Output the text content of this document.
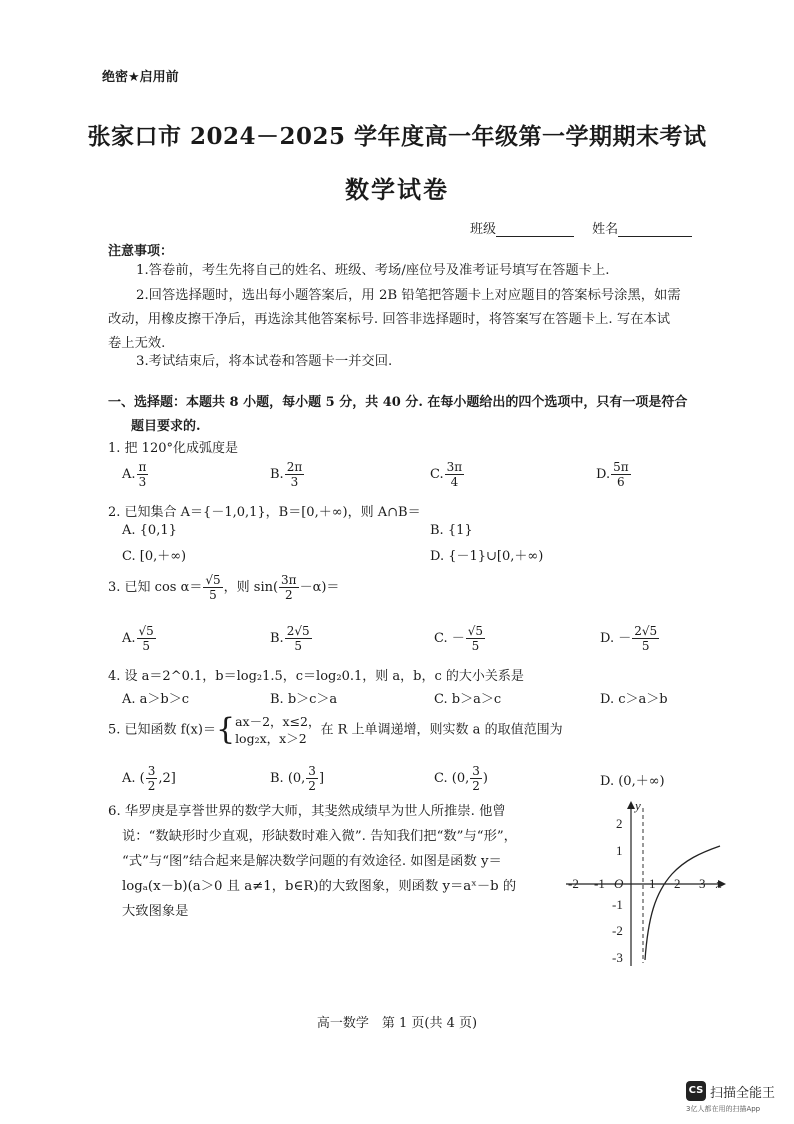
绝密★启用前
张家口市 2024－2025 学年度高一年级第一学期期末考试
数学试卷
班级	姓名
注意事项：
1.答卷前，考生先将自己的姓名、班级、考场/座位号及准考证号填写在答题卡上.
2.回答选择题时，选出每小题答案后，用 2B 铅笔把答题卡上对应题目的答案标号涂黑，如需
改动，用橡皮擦干净后，再选涂其他答案标号. 回答非选择题时，将答案写在答题卡上. 写在本试
卷上无效.
3.考试结束后，将本试卷和答题卡一并交回.
一、选择题：本题共 8 小题，每小题 5 分，共 40 分. 在每小题给出的四个选项中，只有一项是符合
题目要求的.
1. 把 120°化成弧度是
A. $\frac{\pi}{3}$	B. $\frac{2\pi}{3}$	C. $\frac{3\pi}{4}$	D. $\frac{5\pi}{6}$
2. 已知集合 A＝{－1,0,1}，B＝[0,＋∞)，则 A∩B＝
A. {0,1}	B. {1}
C. [0,＋∞)	D. {－1}∪[0,＋∞)
3. 已知 $\cos \alpha= \frac{√5}{5}$ ，则 $\sin( \frac{3\pi}{2} -\alpha)=$
A. $\frac{√5}{5}$	B. $\frac{2√5}{5}$	C. － $\frac{√5}{5}$	D. － $\frac{2√5}{5}$
4. 设 a＝2^0.1，b＝log₂1.5，c＝log₂0.1，则 a，b，c 的大小关系是
A. a＞b＞c	B. b＞c＞a	C. b＞a＞c	D. c＞a＞b
5. 已知函数 f(x)＝{ ax－2，x≤2，
log₂x，x＞2
在 R 上单调递增，则实数 a 的取值范围为
A. ( $\frac{3}{2} ,2$]	B. (0, $\frac{3}{2}$ ]	C. (0, $\frac{3}{2}$ )	D. (0,＋∞)
6. 华罗庚是享誉世界的数学大师，其斐然成绩早为世人所推崇. 他曾
说：“数缺形时少直观，形缺数时难入微”. 告知我们把“数”与“形”，
“式”与“图”结合起来是解决数学问题的有效途径. 如图是函数 y＝
logₐ(x－b)(a＞0 且 a≠1，b∈R)的大致图象，则函数 y＝aˣ－b 的
大致图象是
-2 -1 O 1 2 3 x
y
2
1
-1
-2
-3
高一数学　第 1 页(共 4 页)
CS 扫描全能王
3亿人都在用的扫描App
